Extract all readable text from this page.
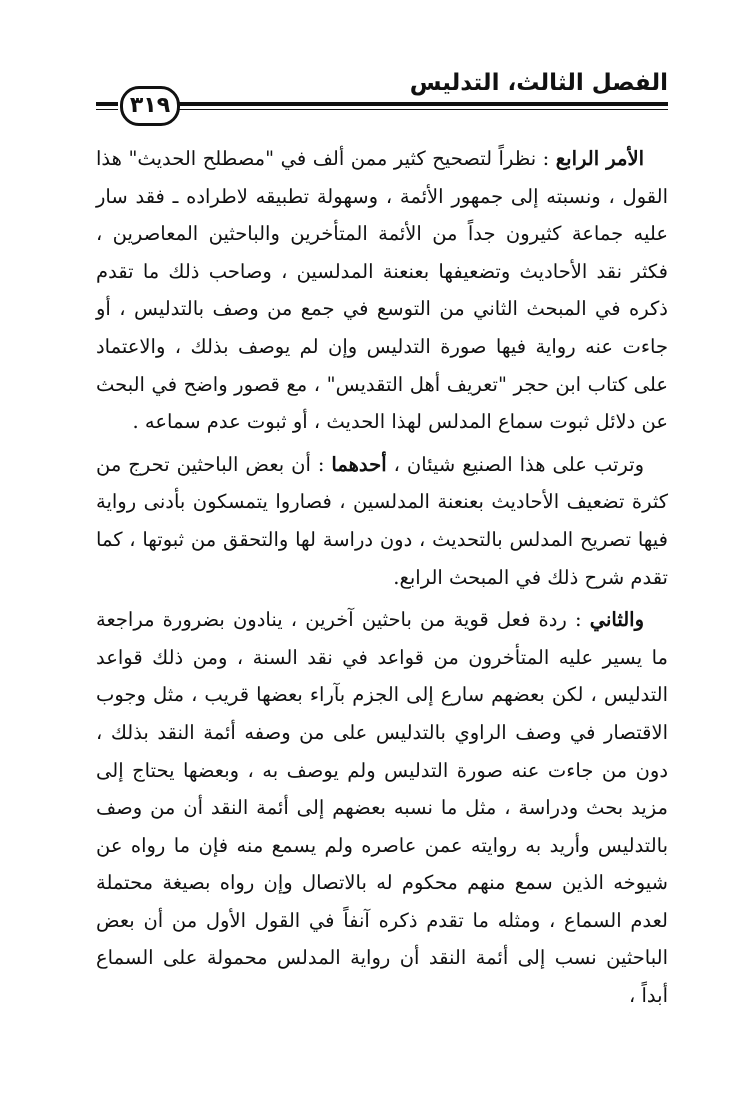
الفصل الثالث، التدليس
٣١٩

الأمر الرابع : نظراً لتصحيح كثير ممن ألف في "مصطلح الحديث" هذا القول ، ونسبته إلى جمهور الأئمة ، وسهولة تطبيقه لاطراده ـ فقد سار عليه جماعة كثيرون جداً من الأئمة المتأخرين والباحثين المعاصرين ، فكثر نقد الأحاديث وتضعيفها بعنعنة المدلسين ، وصاحب ذلك ما تقدم ذكره في المبحث الثاني من التوسع في جمع من وصف بالتدليس ، أو جاءت عنه رواية فيها صورة التدليس وإن لم يوصف بذلك ، والاعتماد على كتاب ابن حجر "تعريف أهل التقديس" ، مع قصور واضح في البحث عن دلائل ثبوت سماع المدلس لهذا الحديث ، أو ثبوت عدم سماعه .

وترتب على هذا الصنيع شيئان ، أحدهما : أن بعض الباحثين تحرج من كثرة تضعيف الأحاديث بعنعنة المدلسين ، فصاروا يتمسكون بأدنى رواية فيها تصريح المدلس بالتحديث ، دون دراسة لها والتحقق من ثبوتها ، كما تقدم شرح ذلك في المبحث الرابع.

والثاني : ردة فعل قوية من باحثين آخرين ، ينادون بضرورة مراجعة ما يسير عليه المتأخرون من قواعد في نقد السنة ، ومن ذلك قواعد التدليس ، لكن بعضهم سارع إلى الجزم بآراء بعضها قريب ، مثل وجوب الاقتصار في وصف الراوي بالتدليس على من وصفه أئمة النقد بذلك ، دون من جاءت عنه صورة التدليس ولم يوصف به ، وبعضها يحتاج إلى مزيد بحث ودراسة ، مثل ما نسبه بعضهم إلى أئمة النقد أن من وصف بالتدليس وأريد به روايته عمن عاصره ولم يسمع منه فإن ما رواه عن شيوخه الذين سمع منهم محكوم له بالاتصال وإن رواه بصيغة محتملة لعدم السماع ، ومثله ما تقدم ذكره آنفاً في القول الأول من أن بعض الباحثين نسب إلى أئمة النقد أن رواية المدلس محمولة على السماع أبداً ،
